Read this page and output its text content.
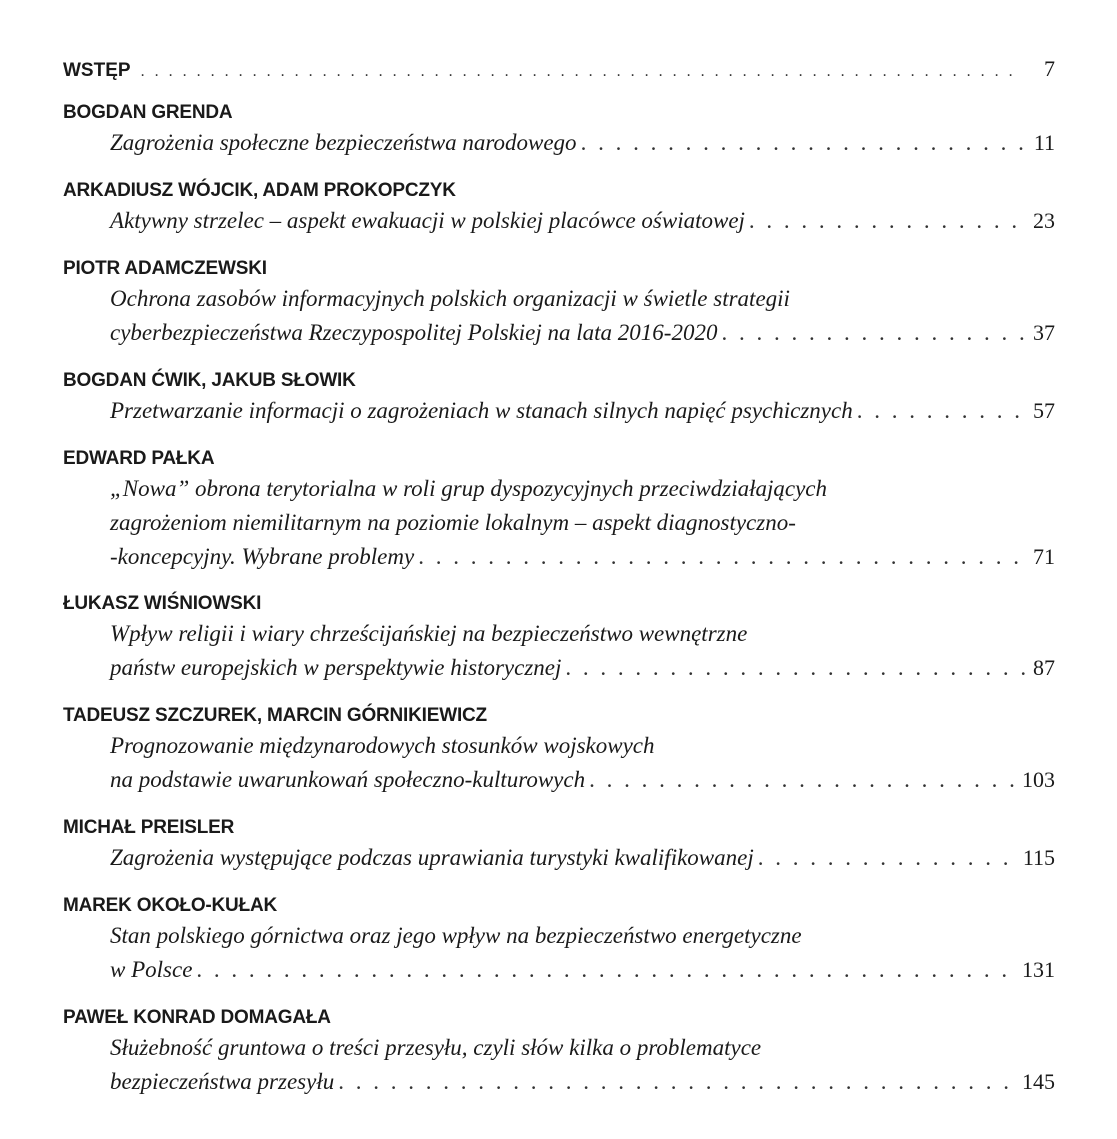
WSTĘP . . .	7
BOGDAN GRENDA
Zagrożenia społeczne bezpieczeństwa narodowego . . .	11
ARKADIUSZ WÓJCIK, ADAM PROKOPCZYK
Aktywny strzelec – aspekt ewakuacji w polskiej placówce oświatowej . . .	23
PIOTR ADAMCZEWSKI
Ochrona zasobów informacyjnych polskich organizacji w świetle strategii
cyberbezpieczeństwa Rzeczypospolitej Polskiej na lata 2016-2020 . . .	37
BOGDAN ĆWIK, JAKUB SŁOWIK
Przetwarzanie informacji o zagrożeniach w stanach silnych napięć psychicznych . . .	57
EDWARD PAŁKA
„Nowa” obrona terytorialna w roli grup dyspozycyjnych przeciwdziałających
zagrożeniom niemilitarnym na poziomie lokalnym – aspekt diagnostyczno-
-koncepcyjny. Wybrane problemy . . .	71
ŁUKASZ WIŚNIOWSKI
Wpływ religii i wiary chrześcijańskiej na bezpieczeństwo wewnętrzne
państw europejskich w perspektywie historycznej . . .	87
TADEUSZ SZCZUREK, MARCIN GÓRNIKIEWICZ
Prognozowanie międzynarodowych stosunków wojskowych
na podstawie uwarunkowań społeczno-kulturowych . . .	103
MICHAŁ PREISLER
Zagrożenia występujące podczas uprawiania turystyki kwalifikowanej . . .	115
MAREK OKOŁO-KUŁAK
Stan polskiego górnictwa oraz jego wpływ na bezpieczeństwo energetyczne
w Polsce . . .	131
PAWEŁ KONRAD DOMAGAŁA
Służebność gruntowa o treści przesyłu, czyli słów kilka o problematyce
bezpieczeństwa przesyłu . . .	145
